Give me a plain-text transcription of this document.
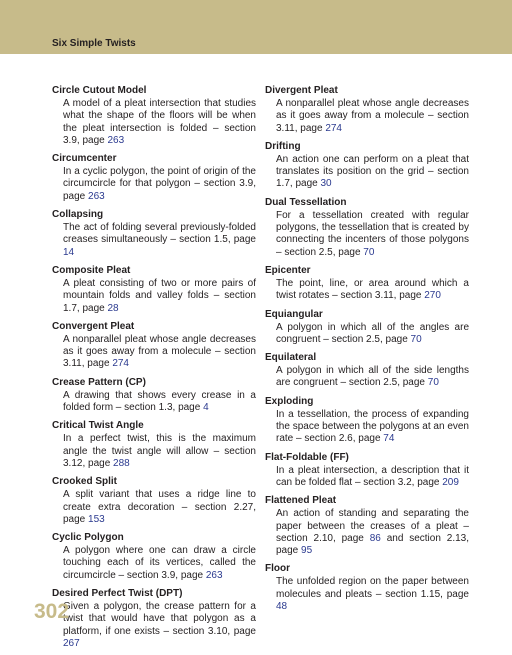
Six Simple Twists
Circle Cutout Model
A model of a pleat intersection that studies what the shape of the floors will be when the pleat intersection is folded – section 3.9, page 263
Circumcenter
In a cyclic polygon, the point of origin of the circumcircle for that polygon – section 3.9, page 263
Collapsing
The act of folding several previously-folded creases simultaneously – section 1.5, page 14
Composite Pleat
A pleat consisting of two or more pairs of mountain folds and valley folds – section 1.7, page 28
Convergent Pleat
A nonparallel pleat whose angle decreases as it goes away from a molecule – section 3.11, page 274
Crease Pattern (CP)
A drawing that shows every crease in a folded form – section 1.3, page 4
Critical Twist Angle
In a perfect twist, this is the maximum angle the twist angle will allow – section 3.12, page 288
Crooked Split
A split variant that uses a ridge line to create extra decoration – section 2.27, page 153
Cyclic Polygon
A polygon where one can draw a circle touching each of its vertices, called the circumcircle – section 3.9, page 263
Desired Perfect Twist (DPT)
Given a polygon, the crease pattern for a twist that would have that polygon as a platform, if one exists – section 3.10, page 267
Divergent Pleat
A nonparallel pleat whose angle decreases as it goes away from a molecule – section 3.11, page 274
Drifting
An action one can perform on a pleat that translates its position on the grid – section 1.7, page 30
Dual Tessellation
For a tessellation created with regular polygons, the tessellation that is created by connecting the incenters of those polygons – section 2.5, page 70
Epicenter
The point, line, or area around which a twist rotates – section 3.11, page 270
Equiangular
A polygon in which all of the angles are congruent – section 2.5, page 70
Equilateral
A polygon in which all of the side lengths are congruent – section 2.5, page 70
Exploding
In a tessellation, the process of expanding the space between the polygons at an even rate – section 2.6, page 74
Flat-Foldable (FF)
In a pleat intersection, a description that it can be folded flat – section 3.2, page 209
Flattened Pleat
An action of standing and separating the paper between the creases of a pleat – section 2.10, page 86 and section 2.13, page 95
Floor
The unfolded region on the paper between molecules and pleats – section 1.15, page 48
302
